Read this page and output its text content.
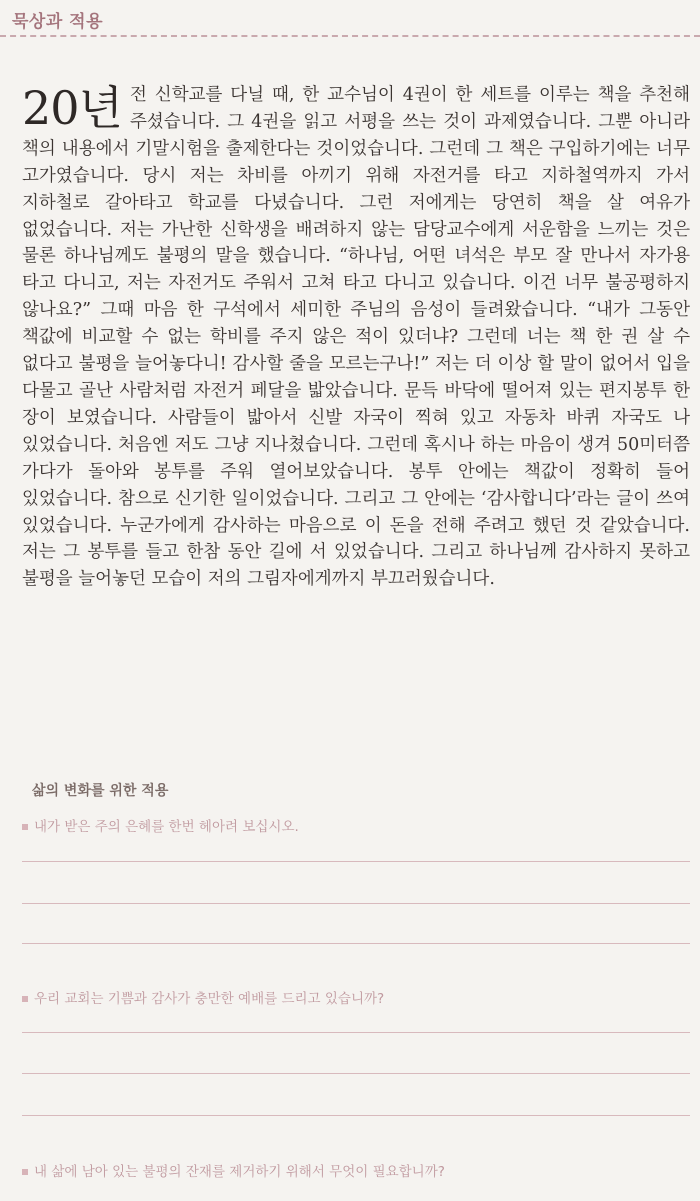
묵상과 적용
20년 전 신학교를 다닐 때, 한 교수님이 4권이 한 세트를 이루는 책을 추천해 주셨습니다. 그 4권을 읽고 서평을 쓰는 것이 과제였습니다. 그뿐 아니라 책의 내용에서 기말시험을 출제한다는 것이었습니다. 그런데 그 책은 구입하기에는 너무 고가였습니다. 당시 저는 차비를 아끼기 위해 자전거를 타고 지하철역까지 가서 지하철로 갈아타고 학교를 다녔습니다. 그런 저에게는 당연히 책을 살 여유가 없었습니다. 저는 가난한 신학생을 배려하지 않는 담당교수에게 서운함을 느끼는 것은 물론 하나님께도 불평의 말을 했습니다. “하나님, 어떤 녀석은 부모 잘 만나서 자가용 타고 다니고, 저는 자전거도 주워서 고쳐 타고 다니고 있습니다. 이건 너무 불공평하지 않나요?” 그때 마음 한 구석에서 세미한 주님의 음성이 들려왔습니다. “내가 그동안 책값에 비교할 수 없는 학비를 주지 않은 적이 있더냐? 그런데 너는 책 한 권 살 수 없다고 불평을 늘어놓다니! 감사할 줄을 모르는구나!” 저는 더 이상 할 말이 없어서 입을 다물고 골난 사람처럼 자전거 페달을 밟았습니다. 문득 바닥에 떨어져 있는 편지봉투 한 장이 보였습니다. 사람들이 밟아서 신발 자국이 찍혀 있고 자동차 바퀴 자국도 나 있었습니다. 처음엔 저도 그냥 지나쳤습니다. 그런데 혹시나 하는 마음이 생겨 50미터쯤 가다가 돌아와 봉투를 주워 열어보았습니다. 봉투 안에는 책값이 정확히 들어 있었습니다. 참으로 신기한 일이었습니다. 그리고 그 안에는 ‘감사합니다’라는 글이 쓰여 있었습니다. 누군가에게 감사하는 마음으로 이 돈을 전해 주려고 했던 것 같았습니다. 저는 그 봉투를 들고 한참 동안 길에 서 있었습니다. 그리고 하나님께 감사하지 못하고 불평을 늘어놓던 모습이 저의 그림자에게까지 부끄러웠습니다.
삶의 변화를 위한 적용
내가 받은 주의 은혜를 한번 헤아려 보십시오.
우리 교회는 기쁨과 감사가 충만한 예배를 드리고 있습니까?
내 삶에 남아 있는 불평의 잔재를 제거하기 위해서 무엇이 필요합니까?
